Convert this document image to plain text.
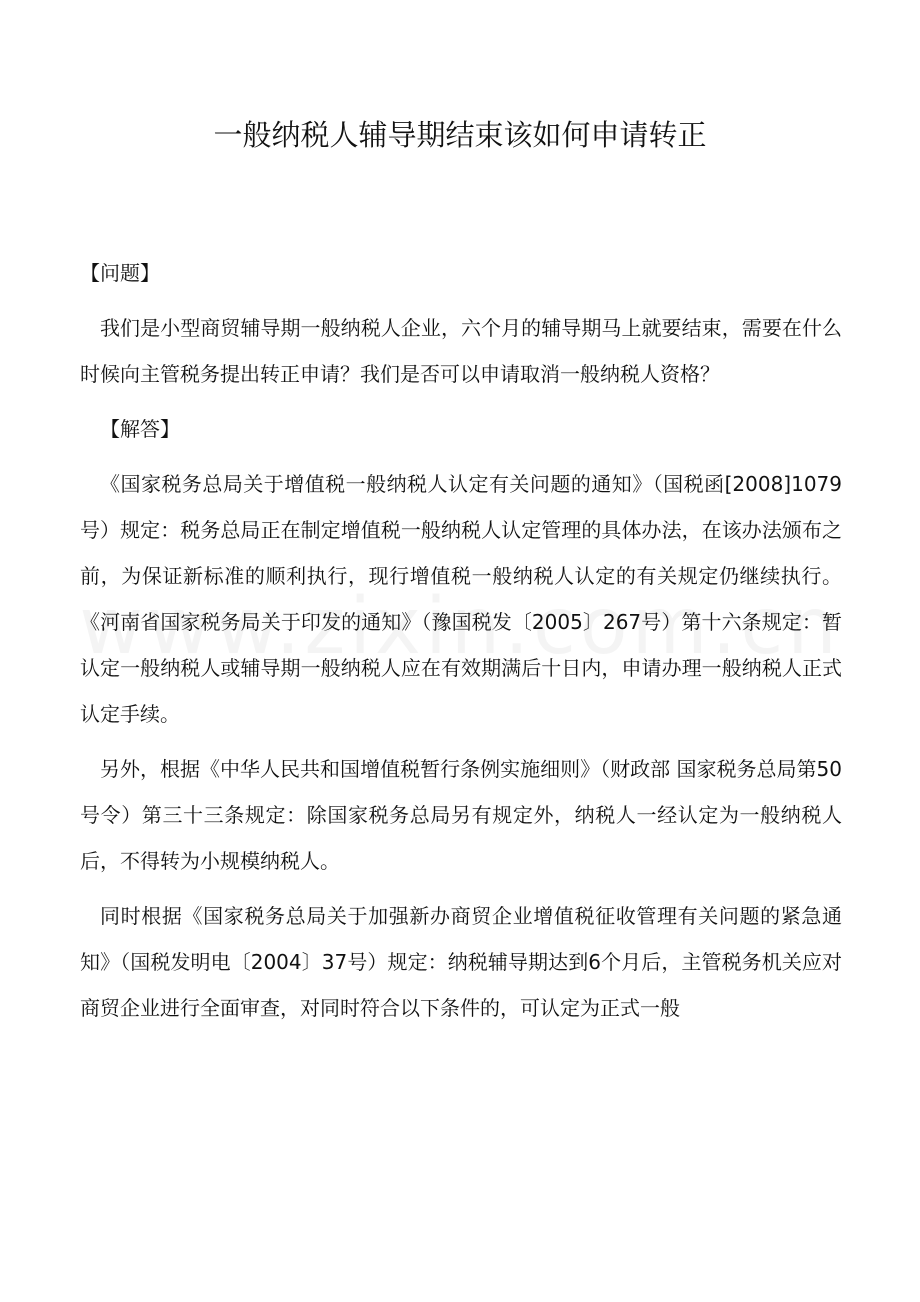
一般纳税人辅导期结束该如何申请转正

【问题】

我们是小型商贸辅导期一般纳税人企业，六个月的辅导期马上就要结束，需要在什么时候向主管税务提出转正申请？我们是否可以申请取消一般纳税人资格？

【解答】

《国家税务总局关于增值税一般纳税人认定有关问题的通知》（国税函[2008]1079号）规定：税务总局正在制定增值税一般纳税人认定管理的具体办法，在该办法颁布之前，为保证新标准的顺利执行，现行增值税一般纳税人认定的有关规定仍继续执行。《河南省国家税务局关于印发的通知》（豫国税发〔2005〕267号）第十六条规定：暂认定一般纳税人或辅导期一般纳税人应在有效期满后十日内，申请办理一般纳税人正式认定手续。

另外，根据《中华人民共和国增值税暂行条例实施细则》（财政部 国家税务总局第50号令）第三十三条规定：除国家税务总局另有规定外，纳税人一经认定为一般纳税人后，不得转为小规模纳税人。

同时根据《国家税务总局关于加强新办商贸企业增值税征收管理有关问题的紧急通知》（国税发明电〔2004〕37号）规定：纳税辅导期达到6个月后，主管税务机关应对商贸企业进行全面审查，对同时符合以下条件的，可认定为正式一般
